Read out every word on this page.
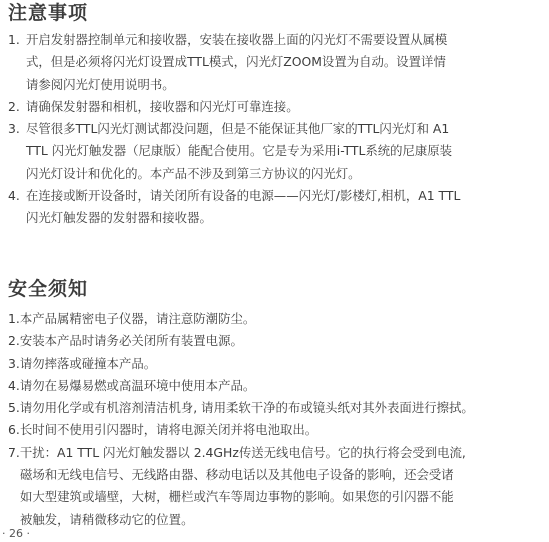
注意事项
1. 开启发射器控制单元和接收器，安装在接收器上面的闪光灯不需要设置从属模
式，但是必须将闪光灯设置成TTL模式，闪光灯ZOOM设置为自动。设置详情
请参阅闪光灯使用说明书。
2. 请确保发射器和相机，接收器和闪光灯可靠连接。
3. 尽管很多TTL闪光灯测试都没问题，但是不能保证其他厂家的TTL闪光灯和 A1
TTL 闪光灯触发器（尼康版）能配合使用。它是专为采用i-TTL系统的尼康原装
闪光灯设计和优化的。本产品不涉及到第三方协议的闪光灯。
4. 在连接或断开设备时，请关闭所有设备的电源——闪光灯/影楼灯,相机，A1 TTL
闪光灯触发器的发射器和接收器。
安全须知
1.本产品属精密电子仪器，请注意防潮防尘。
2.安装本产品时请务必关闭所有装置电源。
3.请勿摔落或碰撞本产品。
4.请勿在易爆易燃或高温环境中使用本产品。
5.请勿用化学或有机溶剂清洁机身, 请用柔软干净的布或镜头纸对其外表面进行擦拭。
6.长时间不使用引闪器时，请将电源关闭并将电池取出。
7.干扰：A1 TTL 闪光灯触发器以 2.4GHz传送无线电信号。它的执行将会受到电流,
磁场和无线电信号、无线路由器、移动电话以及其他电子设备的影响，还会受诸
如大型建筑或墙壁，大树，栅栏或汽车等周边事物的影响。如果您的引闪器不能
被触发，请稍微移动它的位置。
· 26 ·
